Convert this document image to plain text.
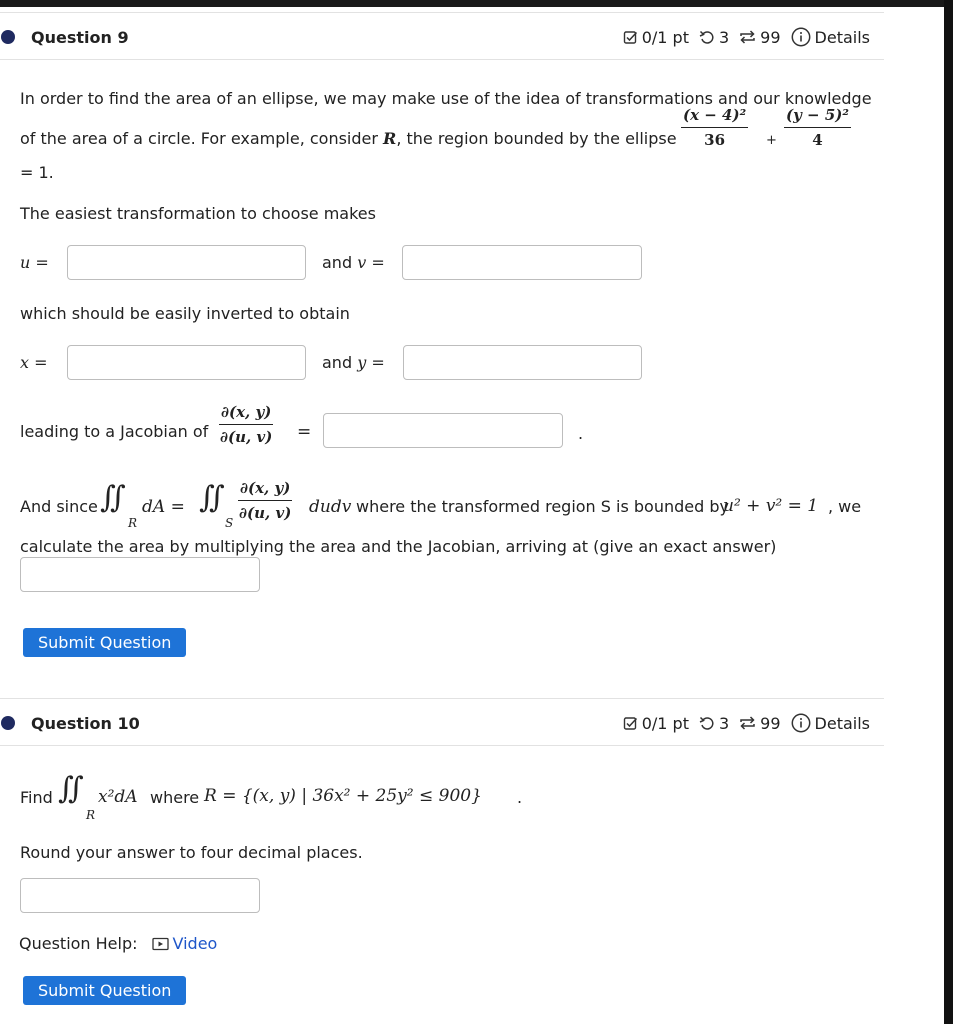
Question 9	0/1 pt 3 99 Details
In order to find the area of an ellipse, we may make use of the idea of transformations and our knowledge
of the area of a circle. For example, consider R, the region bounded by the ellipse $\frac{\text{(x − 4)²}}{36} + \frac{\text{(y − 5)²}}{4}$
= 1.
The easiest transformation to choose makes
u =	and v =
which should be easily inverted to obtain
x =	and y =
leading to a Jacobian of $\frac{\partial(x, y)}{\partial(u, v)}$ =	.
And since ∬
R
dA = ∬
S
$\frac{\partial(x, y)}{\partial(u, v)}$ dudv where the transformed region S is bounded by
u² + v² = 1 , we
calculate the area by multiplying the area and the Jacobian, arriving at (give an exact answer)
Submit Question
Question 10	0/1 pt 3 99 Details
Find ∬
R
x²dA where R = {(x, y) | 36x² + 25y² ≤ 900} .
Round your answer to four decimal places.
Question Help: Video
Submit Question
